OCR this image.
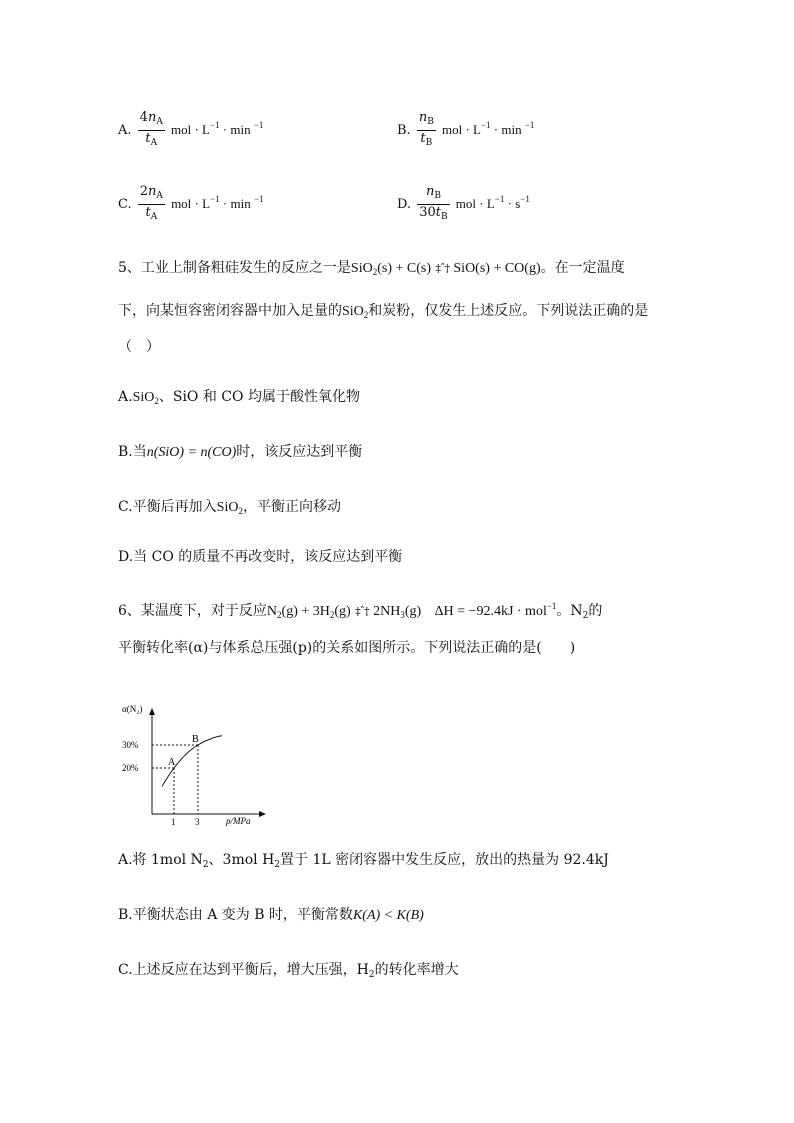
A. $\frac{4n_A}{t_A}$ mol · $L^{-1} \cdot \min ^{-1}$	B. $\frac{n_B}{t_B}$ mol · $L^{-1} \cdot \min ^{-1}$
C. $\frac{2n_A}{t_A}$ mol · $L^{-1} \cdot \min ^{-1}$	D. $\frac{n_B}{30t_B}$ mol · $L^{-1} \cdot s^{-1}$
5、工业上制备粗硅发生的反应之一是SiO$_2$(s) + C(s) ‡ˆ† SiO(s) + CO(g)。在一定温度
下，向某恒容密闭容器中加入足量的SiO$_2$和炭粉，仅发生上述反应。下列说法正确的是
（　）
A.SiO$_2$、SiO 和 CO 均属于酸性氧化物
B.当n(SiO) = n(CO)时，该反应达到平衡
C.平衡后再加入SiO$_2$，平衡正向移动
D.当 CO 的质量不再改变时，该反应达到平衡
6、某温度下，对于反应$N_2(g) + 3H_2(g)$ ‡ˆ† $2NH_3(g) \Delta H = -92.4kJ \cdot mol^{-1}$。$N_2$的
平衡转化率(α)与体系总压强(p)的关系如图所示。下列说法正确的是(　　)
α(N₂)
p/MPa
A
1
20%
B
3
30%
A.将 1mol $N_2$、3mol $H_2$置于 1L 密闭容器中发生反应，放出的热量为 92.4kJ
B.平衡状态由 A 变为 B 时，平衡常数K(A) < K(B)
C.上述反应在达到平衡后，增大压强，$H_2$的转化率增大
